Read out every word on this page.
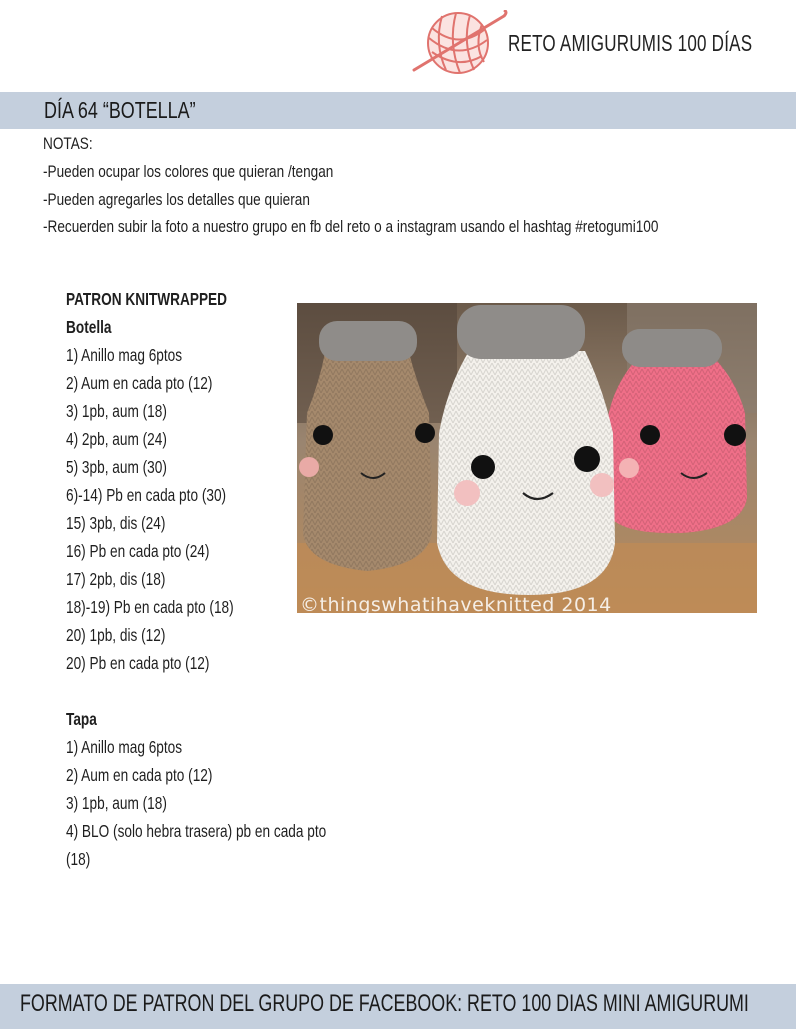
RETO AMIGURUMIS 100 DÍAS
DÍA 64 “BOTELLA”
NOTAS:
-Pueden ocupar los colores que quieran /tengan
-Pueden agregarles los detalles que quieran
-Recuerden subir la foto a nuestro grupo en fb del reto o a instagram usando el hashtag #retogumi100
PATRON KNITWRAPPED
Botella
1) Anillo mag 6ptos
2) Aum en cada pto (12)
3) 1pb, aum (18)
4) 2pb, aum (24)
5) 3pb, aum (30)
6)-14) Pb en cada pto (30)
15) 3pb, dis (24)
16) Pb en cada pto (24)
17) 2pb, dis (18)
18)-19) Pb en cada pto (18)
20) 1pb, dis (12)
20) Pb en cada pto (12)
Tapa
1) Anillo mag 6ptos
2) Aum en cada pto (12)
3) 1pb, aum (18)
4) BLO (solo hebra trasera) pb en cada pto
(18)
©thingswhatihaveknitted 2014
FORMATO DE PATRON DEL GRUPO DE FACEBOOK: RETO 100 DIAS MINI AMIGURUMI
